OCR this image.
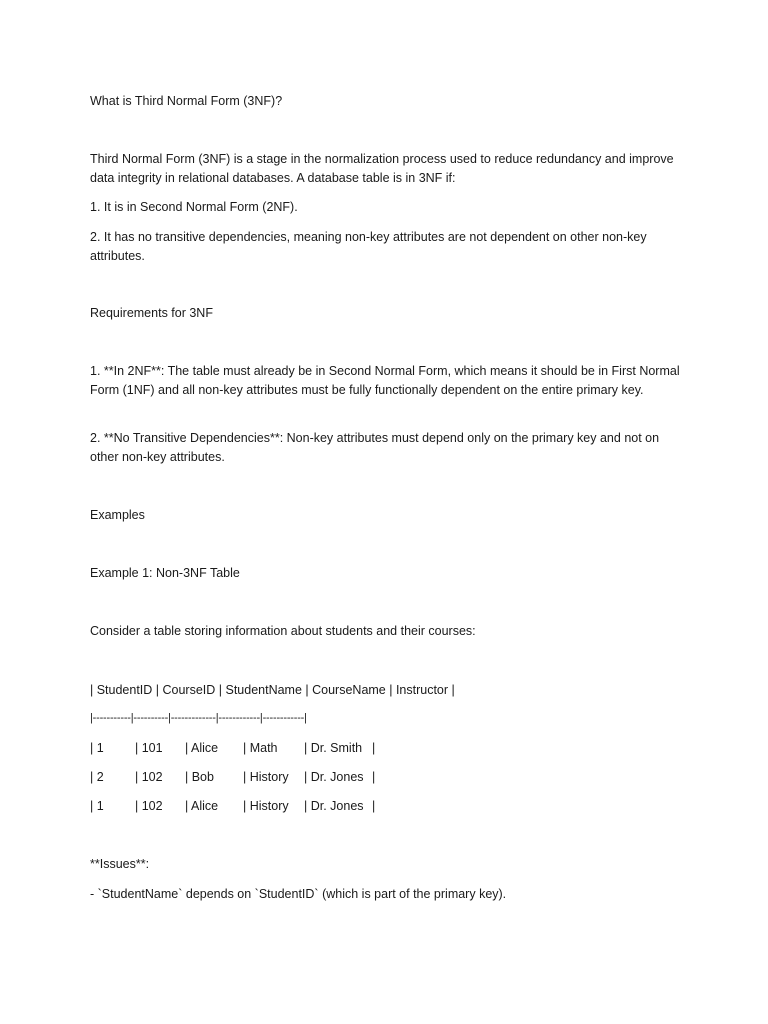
What is Third Normal Form (3NF)?
Third Normal Form (3NF) is a stage in the normalization process used to reduce redundancy and improve data integrity in relational databases. A database table is in 3NF if:
1. It is in Second Normal Form (2NF).
2. It has no transitive dependencies, meaning non-key attributes are not dependent on other non-key attributes.
Requirements for 3NF
1. **In 2NF**: The table must already be in Second Normal Form, which means it should be in First Normal Form (1NF) and all non-key attributes must be fully functionally dependent on the entire primary key.
2. **No Transitive Dependencies**: Non-key attributes must depend only on the primary key and not on other non-key attributes.
Examples
Example 1: Non-3NF Table
Consider a table storing information about students and their courses:
| StudentID | CourseID | StudentName | CourseName | Instructor |
|-----------|----------|-------------|------------|------------|
| 1	| 101 | Alice | Math | Dr. Smith |
| 2	| 102 | Bob | History | Dr. Jones |
| 1	| 102 | Alice | History | Dr. Jones |
**Issues**:
- `StudentName` depends on `StudentID` (which is part of the primary key).
